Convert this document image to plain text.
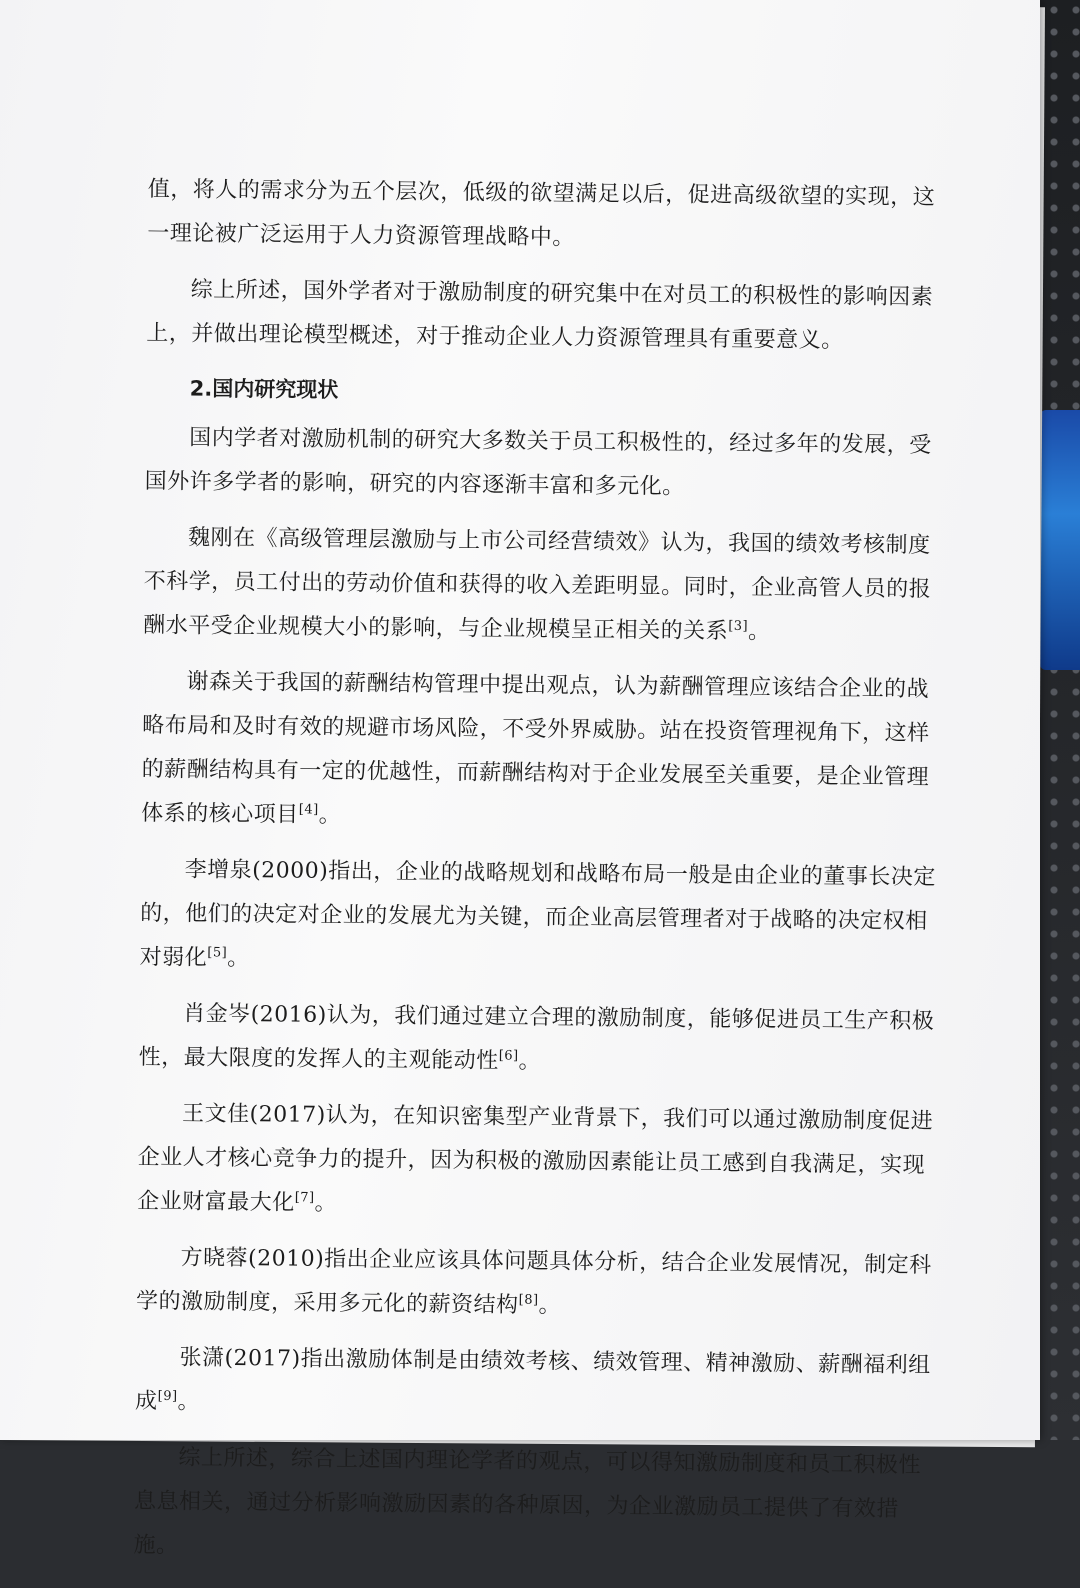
值，将人的需求分为五个层次，低级的欲望满足以后，促进高级欲望的实现，这一理论被广泛运用于人力资源管理战略中。

综上所述，国外学者对于激励制度的研究集中在对员工的积极性的影响因素上，并做出理论模型概述，对于推动企业人力资源管理具有重要意义。

2.国内研究现状

国内学者对激励机制的研究大多数关于员工积极性的，经过多年的发展，受国外许多学者的影响，研究的内容逐渐丰富和多元化。

魏刚在《高级管理层激励与上市公司经营绩效》认为，我国的绩效考核制度不科学，员工付出的劳动价值和获得的收入差距明显。同时，企业高管人员的报酬水平受企业规模大小的影响，与企业规模呈正相关的关系[3]。

谢森关于我国的薪酬结构管理中提出观点，认为薪酬管理应该结合企业的战略布局和及时有效的规避市场风险，不受外界威胁。站在投资管理视角下，这样的薪酬结构具有一定的优越性，而薪酬结构对于企业发展至关重要，是企业管理体系的核心项目[4]。

李增泉(2000)指出，企业的战略规划和战略布局一般是由企业的董事长决定的，他们的决定对企业的发展尤为关键，而企业高层管理者对于战略的决定权相对弱化[5]。

肖金岑(2016)认为，我们通过建立合理的激励制度，能够促进员工生产积极性，最大限度的发挥人的主观能动性[6]。

王文佳(2017)认为，在知识密集型产业背景下，我们可以通过激励制度促进企业人才核心竞争力的提升，因为积极的激励因素能让员工感到自我满足，实现企业财富最大化[7]。

方晓蓉(2010)指出企业应该具体问题具体分析，结合企业发展情况，制定科学的激励制度，采用多元化的薪资结构[8]。

张潇(2017)指出激励体制是由绩效考核、绩效管理、精神激励、薪酬福利组成[9]。

综上所述，综合上述国内理论学者的观点，可以得知激励制度和员工积极性息息相关，通过分析影响激励因素的各种原因，为企业激励员工提供了有效措施。
